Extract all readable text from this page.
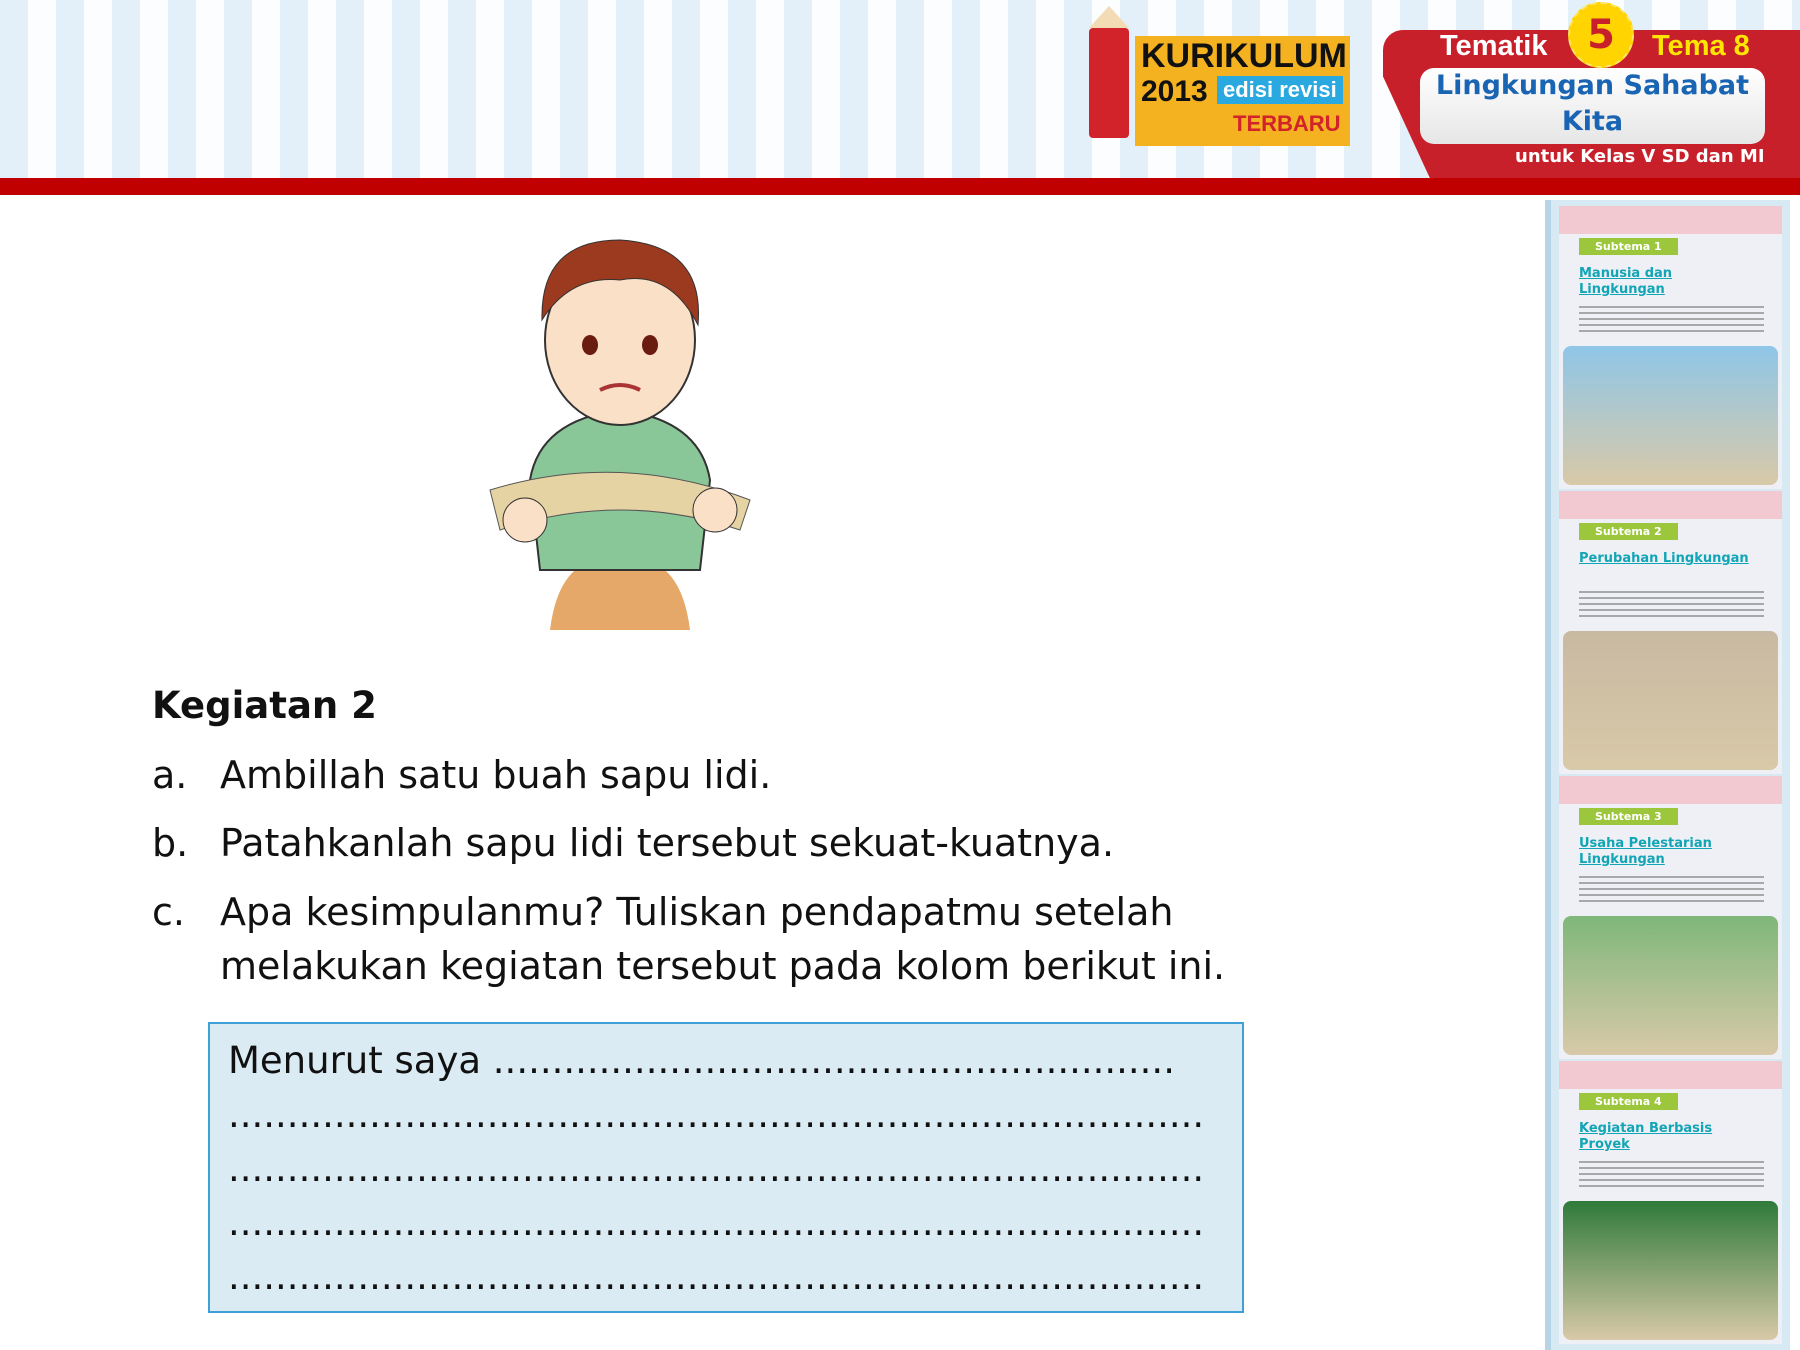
KURIKULUM
2013 edisi revisi
TERBARU
Tematik 5	Tema 8
Lingkungan Sahabat Kita
untuk Kelas V SD dan MI
Subtema 1
Manusia dan Lingkungan
Subtema 2
Perubahan Lingkungan
Subtema 3
Usaha Pelestarian Lingkungan
Subtema 4
Kegiatan Berbasis Proyek
Kegiatan 2
a. Ambillah satu buah sapu lidi.
b. Patahkanlah sapu lidi tersebut sekuat-kuatnya.
c. Apa kesimpulanmu? Tuliskan pendapatmu setelah melakukan kegiatan tersebut pada kolom berikut ini.
Menurut saya ..........................................................
...................................................................................
...................................................................................
...................................................................................
...................................................................................
